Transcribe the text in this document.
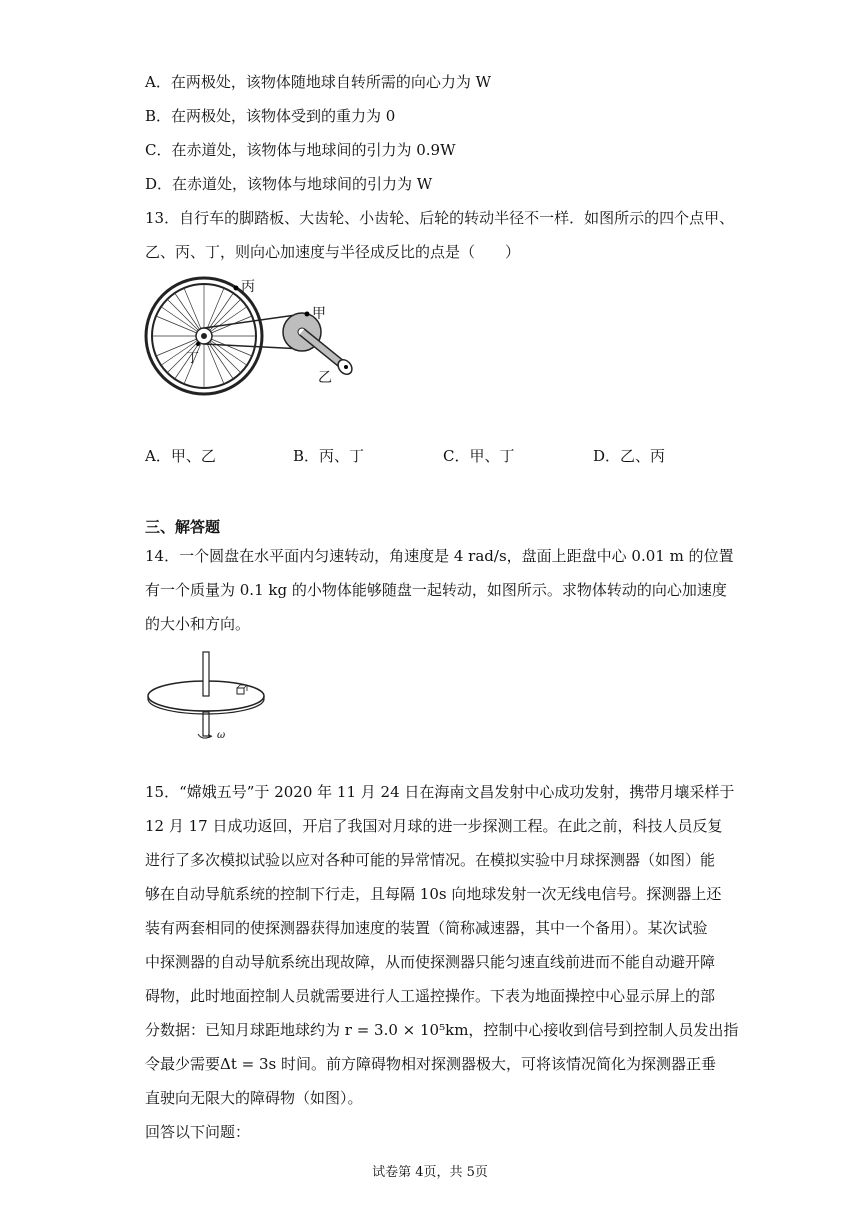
A．在两极处，该物体随地球自转所需的向心力为 W
B．在两极处，该物体受到的重力为 0
C．在赤道处，该物体与地球间的引力为 0.9W
D．在赤道处，该物体与地球间的引力为 W
13．自行车的脚踏板、大齿轮、小齿轮、后轮的转动半径不一样．如图所示的四个点甲、
乙、丙、丁，则向心加速度与半径成反比的点是（　　）
丙
甲
丁
乙
A．甲、乙	B．丙、丁	C．甲、丁	D．乙、丙
三、解答题
14．一个圆盘在水平面内匀速转动，角速度是 4 rad/s，盘面上距盘中心 0.01 m 的位置
有一个质量为 0.1 kg 的小物体能够随盘一起转动，如图所示。求物体转动的向心加速度
的大小和方向。
ω
15．“嫦娥五号”于 2020 年 11 月 24 日在海南文昌发射中心成功发射，携带月壤采样于
12 月 17 日成功返回，开启了我国对月球的进一步探测工程。在此之前，科技人员反复
进行了多次模拟试验以应对各种可能的异常情况。在模拟实验中月球探测器（如图）能
够在自动导航系统的控制下行走，且每隔 10s 向地球发射一次无线电信号。探测器上还
装有两套相同的使探测器获得加速度的装置（简称减速器，其中一个备用）。某次试验
中探测器的自动导航系统出现故障，从而使探测器只能匀速直线前进而不能自动避开障
碍物，此时地面控制人员就需要进行人工遥控操作。下表为地面操控中心显示屏上的部
分数据：已知月球距地球约为 r = 3.0 × 10⁵km，控制中心接收到信号到控制人员发出指
令最少需要Δt = 3s 时间。前方障碍物相对探测器极大，可将该情况简化为探测器正垂
直驶向无限大的障碍物（如图）。
回答以下问题：
试卷第 4页，共 5页
